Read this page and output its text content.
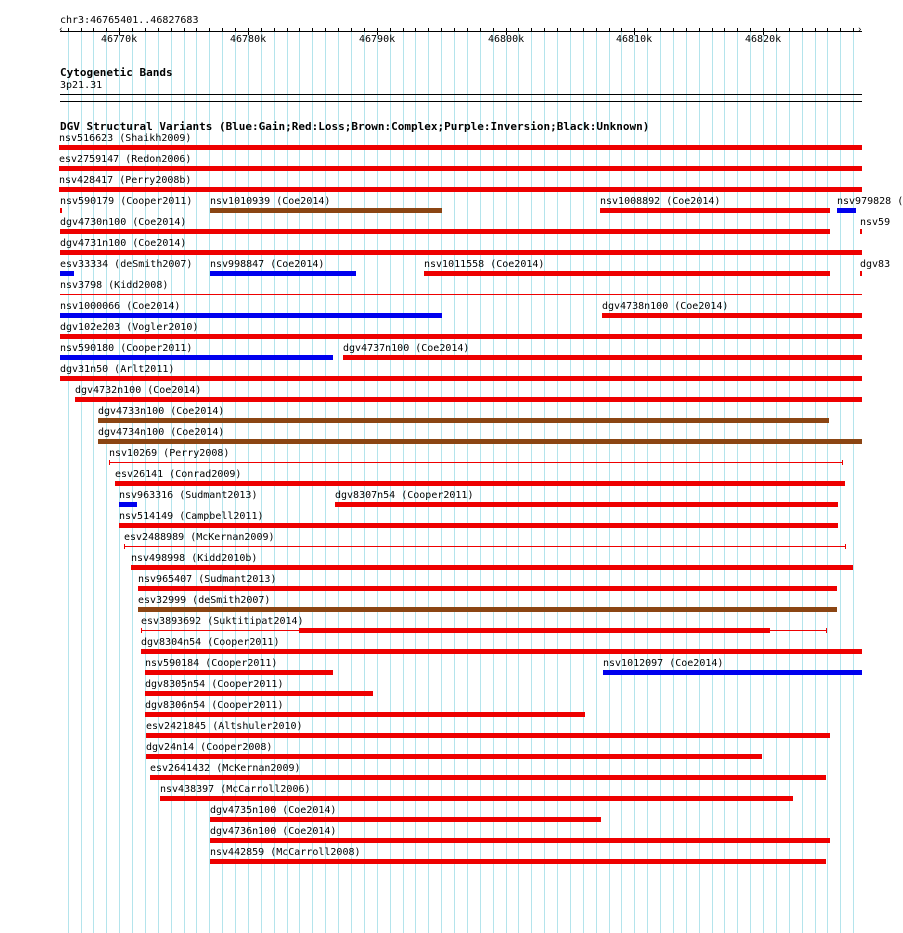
chr3:46765401..46827683
‹	›
46770k	46780k	46790k	46800k	46810k	46820k
Cytogenetic Bands
3p21.31
DGV Structural Variants (Blue:Gain;Red:Loss;Brown:Complex;Purple:Inversion;Black:Unknown)
nsv516623 (Shaikh2009)
esv2759147 (Redon2006)
nsv428417 (Perry2008b)
nsv590179 (Cooper2011) nsv1010939 (Coe2014)	nsv1008892 (Coe2014)	nsv979828 (
dgv4730n100 (Coe2014)	nsv59
dgv4731n100 (Coe2014)
esv33334 (deSmith2007) nsv998847 (Coe2014)	nsv1011558 (Coe2014)	dgv83
nsv3798 (Kidd2008)
nsv1000066 (Coe2014)	dgv4738n100 (Coe2014)
dgv102e203 (Vogler2010)
nsv590180 (Cooper2011)	dgv4737n100 (Coe2014)
dgv31n50 (Arlt2011)
dgv4732n100 (Coe2014)
dgv4733n100 (Coe2014)
dgv4734n100 (Coe2014)
nsv10269 (Perry2008)
esv26141 (Conrad2009)
nsv963316 (Sudmant2013)	dgv8307n54 (Cooper2011)
nsv514149 (Campbell2011)
esv2488989 (McKernan2009)
nsv498998 (Kidd2010b)
nsv965407 (Sudmant2013)
esv32999 (deSmith2007)
esv3893692 (Suktitipat2014)
dgv8304n54 (Cooper2011)
nsv590184 (Cooper2011)	nsv1012097 (Coe2014)
dgv8305n54 (Cooper2011)
dgv8306n54 (Cooper2011)
esv2421845 (Altshuler2010)
dgv24n14 (Cooper2008)
esv2641432 (McKernan2009)
nsv438397 (McCarroll2006)
dgv4735n100 (Coe2014)
dgv4736n100 (Coe2014)
nsv442859 (McCarroll2008)
